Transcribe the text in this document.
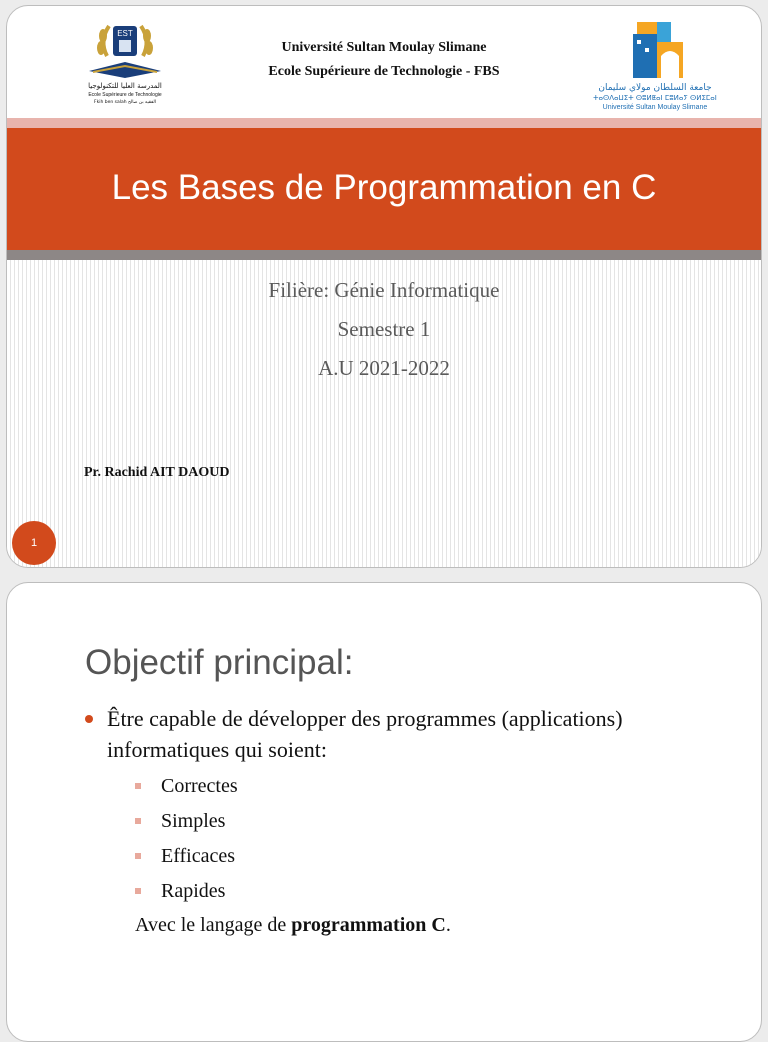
EST
المدرسة العليا للتكنولوجيا
Ecole Supérieure de Technologie
Fkih ben salah الفقيه بن صالح
Université Sultan Moulay Slimane
Ecole Supérieure de Technologie - FBS
جامعة السلطان مولاي سليمان
ⵜⴰⵙⴷⴰⵡⵉⵜ ⵙⵓⵍⵟⴰⵏ ⵎⵓⵍⴰⵢ ⵙⵍⵉⵎⴰⵏ
Université Sultan Moulay Slimane
Les Bases de Programmation en C
Filière: Génie Informatique
Semestre 1
A.U 2021-2022
Pr. Rachid AIT DAOUD
1
Objectif principal:
Être capable de développer des programmes (applications) informatiques qui soient:
Correctes
Simples
Efficaces
Rapides
Avec le langage de programmation C.
